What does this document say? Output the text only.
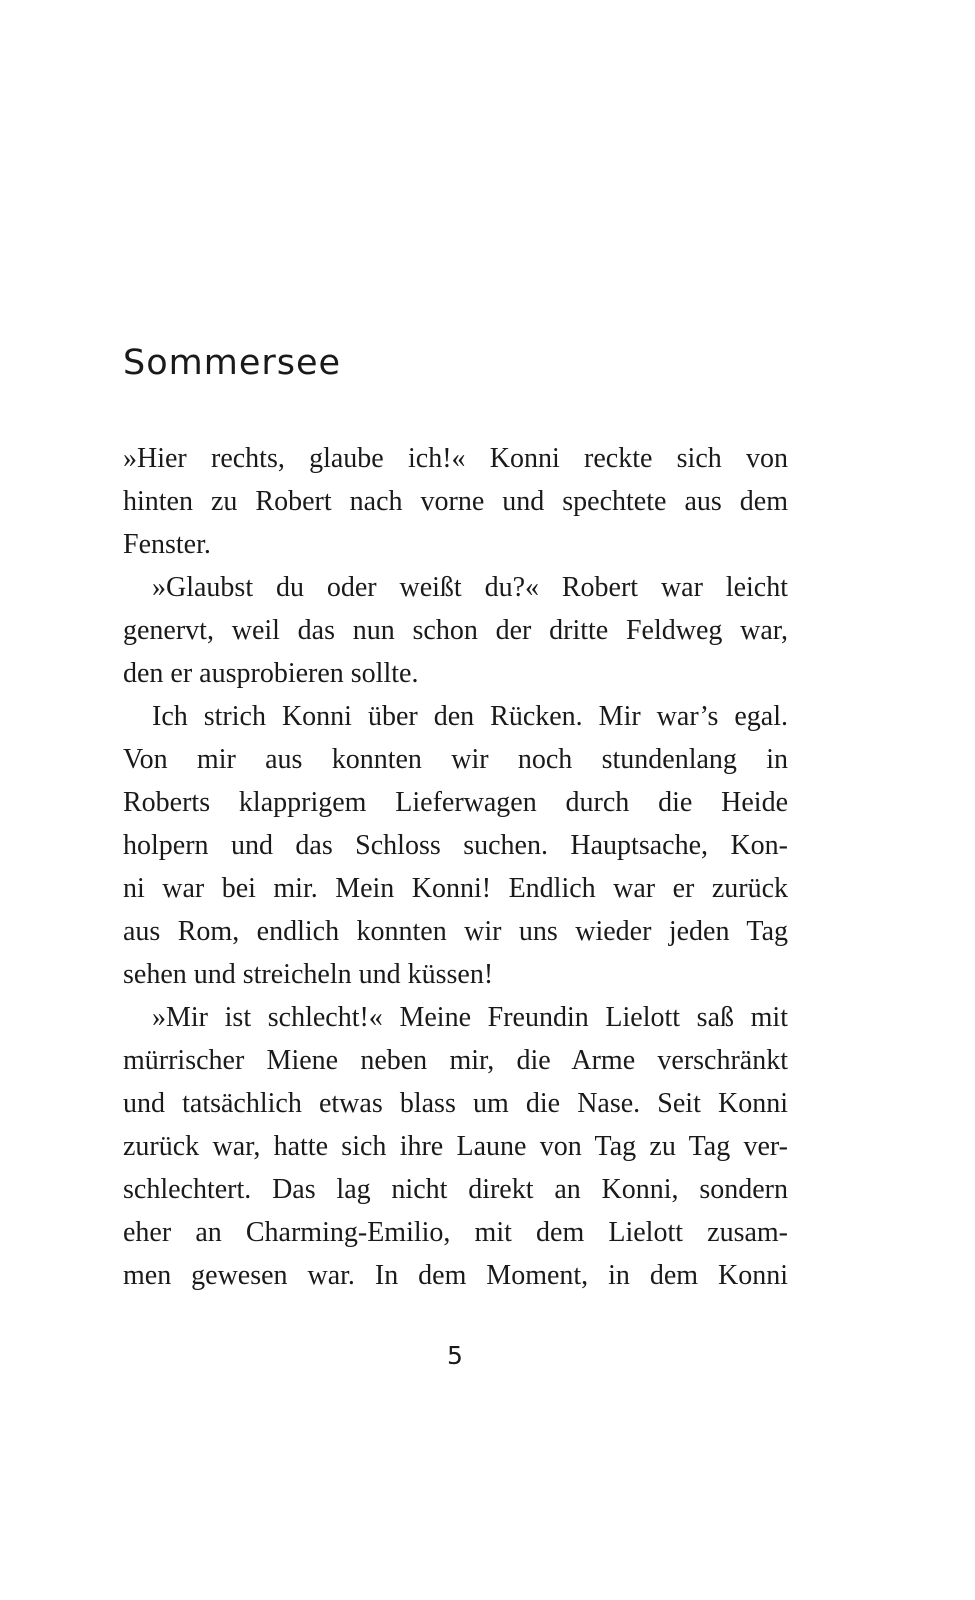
Sommersee
»Hier rechts, glaube ich!« Konni reckte sich von
hinten zu Robert nach vorne und spechtete aus dem
Fenster.
»Glaubst du oder weißt du?« Robert war leicht
genervt, weil das nun schon der dritte Feldweg war,
den er ausprobieren sollte.
Ich strich Konni über den Rücken. Mir war’s egal.
Von mir aus konnten wir noch stundenlang in
Roberts klapprigem Lieferwagen durch die Heide
holpern und das Schloss suchen. Hauptsache, Kon-
ni war bei mir. Mein Konni! Endlich war er zurück
aus Rom, endlich konnten wir uns wieder jeden Tag
sehen und streicheln und küssen!
»Mir ist schlecht!« Meine Freundin Lielott saß mit
mürrischer Miene neben mir, die Arme verschränkt
und tatsächlich etwas blass um die Nase. Seit Konni
zurück war, hatte sich ihre Laune von Tag zu Tag ver-
schlechtert. Das lag nicht direkt an Konni, sondern
eher an Charming-Emilio, mit dem Lielott zusam-
men gewesen war. In dem Moment, in dem Konni
5
